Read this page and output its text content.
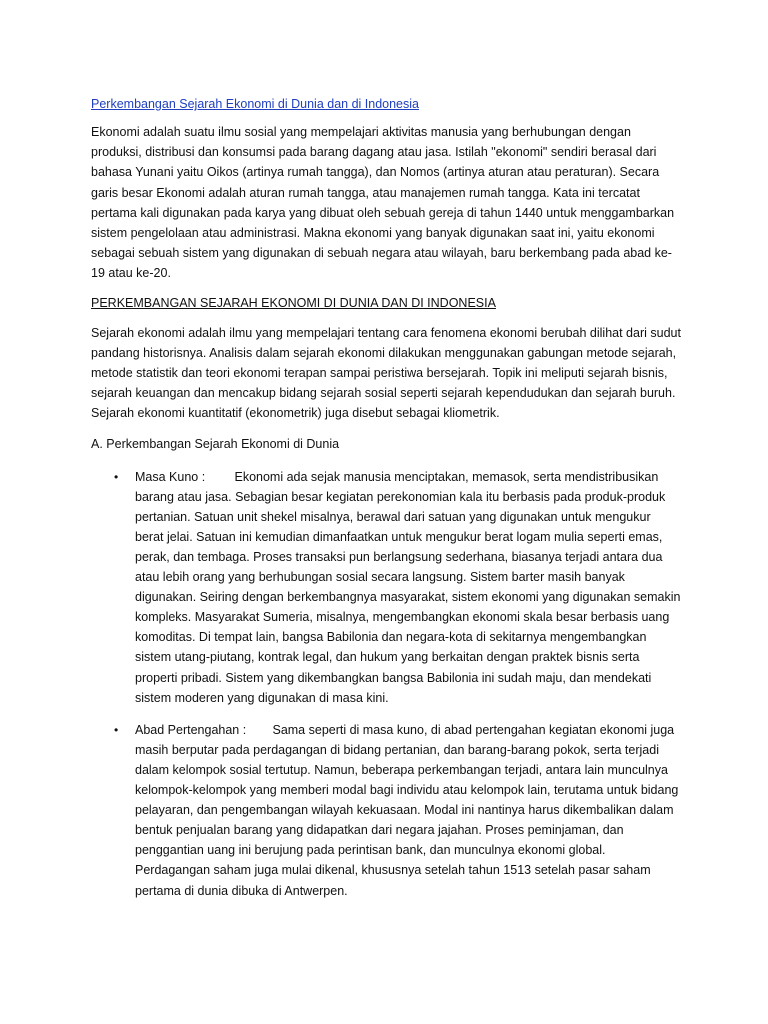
Perkembangan Sejarah Ekonomi di Dunia dan di Indonesia

Ekonomi adalah suatu ilmu sosial yang mempelajari aktivitas manusia yang berhubungan dengan produksi, distribusi dan konsumsi pada barang dagang atau jasa. Istilah "ekonomi" sendiri berasal dari bahasa Yunani yaitu Oikos (artinya rumah tangga), dan Nomos (artinya aturan atau peraturan). Secara garis besar Ekonomi adalah aturan rumah tangga, atau manajemen rumah tangga. Kata ini tercatat pertama kali digunakan pada karya yang dibuat oleh sebuah gereja di tahun 1440 untuk menggambarkan sistem pengelolaan atau administrasi. Makna ekonomi yang banyak digunakan saat ini, yaitu ekonomi sebagai sebuah sistem yang digunakan di sebuah negara atau wilayah, baru berkembang pada abad ke-19 atau ke-20.

PERKEMBANGAN SEJARAH EKONOMI DI DUNIA DAN DI INDONESIA

Sejarah ekonomi adalah ilmu yang mempelajari tentang cara fenomena ekonomi berubah dilihat dari sudut pandang historisnya. Analisis dalam sejarah ekonomi dilakukan menggunakan gabungan metode sejarah, metode statistik dan teori ekonomi terapan sampai peristiwa bersejarah. Topik ini meliputi sejarah bisnis, sejarah keuangan dan mencakup bidang sejarah sosial seperti sejarah kependudukan dan sejarah buruh. Sejarah ekonomi kuantitatif (ekonometrik) juga disebut sebagai kliometrik.

A. Perkembangan Sejarah Ekonomi di Dunia
• Masa Kuno : Ekonomi ada sejak manusia menciptakan, memasok, serta mendistribusikan barang atau jasa. Sebagian besar kegiatan perekonomian kala itu berbasis pada produk-produk pertanian. Satuan unit shekel misalnya, berawal dari satuan yang digunakan untuk mengukur berat jelai. Satuan ini kemudian dimanfaatkan untuk mengukur berat logam mulia seperti emas, perak, dan tembaga. Proses transaksi pun berlangsung sederhana, biasanya terjadi antara dua atau lebih orang yang berhubungan sosial secara langsung. Sistem barter masih banyak digunakan. Seiring dengan berkembangnya masyarakat, sistem ekonomi yang digunakan semakin kompleks. Masyarakat Sumeria, misalnya, mengembangkan ekonomi skala besar berbasis uang komoditas. Di tempat lain, bangsa Babilonia dan negara-kota di sekitarnya mengembangkan sistem utang-piutang, kontrak legal, dan hukum yang berkaitan dengan praktek bisnis serta properti pribadi. Sistem yang dikembangkan bangsa Babilonia ini sudah maju, dan mendekati sistem moderen yang digunakan di masa kini.
• Abad Pertengahan : Sama seperti di masa kuno, di abad pertengahan kegiatan ekonomi juga masih berputar pada perdagangan di bidang pertanian, dan barang-barang pokok, serta terjadi dalam kelompok sosial tertutup. Namun, beberapa perkembangan terjadi, antara lain munculnya kelompok-kelompok yang memberi modal bagi individu atau kelompok lain, terutama untuk bidang pelayaran, dan pengembangan wilayah kekuasaan. Modal ini nantinya harus dikembalikan dalam bentuk penjualan barang yang didapatkan dari negara jajahan. Proses peminjaman, dan penggantian uang ini berujung pada perintisan bank, dan munculnya ekonomi global. Perdagangan saham juga mulai dikenal, khususnya setelah tahun 1513 setelah pasar saham pertama di dunia dibuka di Antwerpen.
